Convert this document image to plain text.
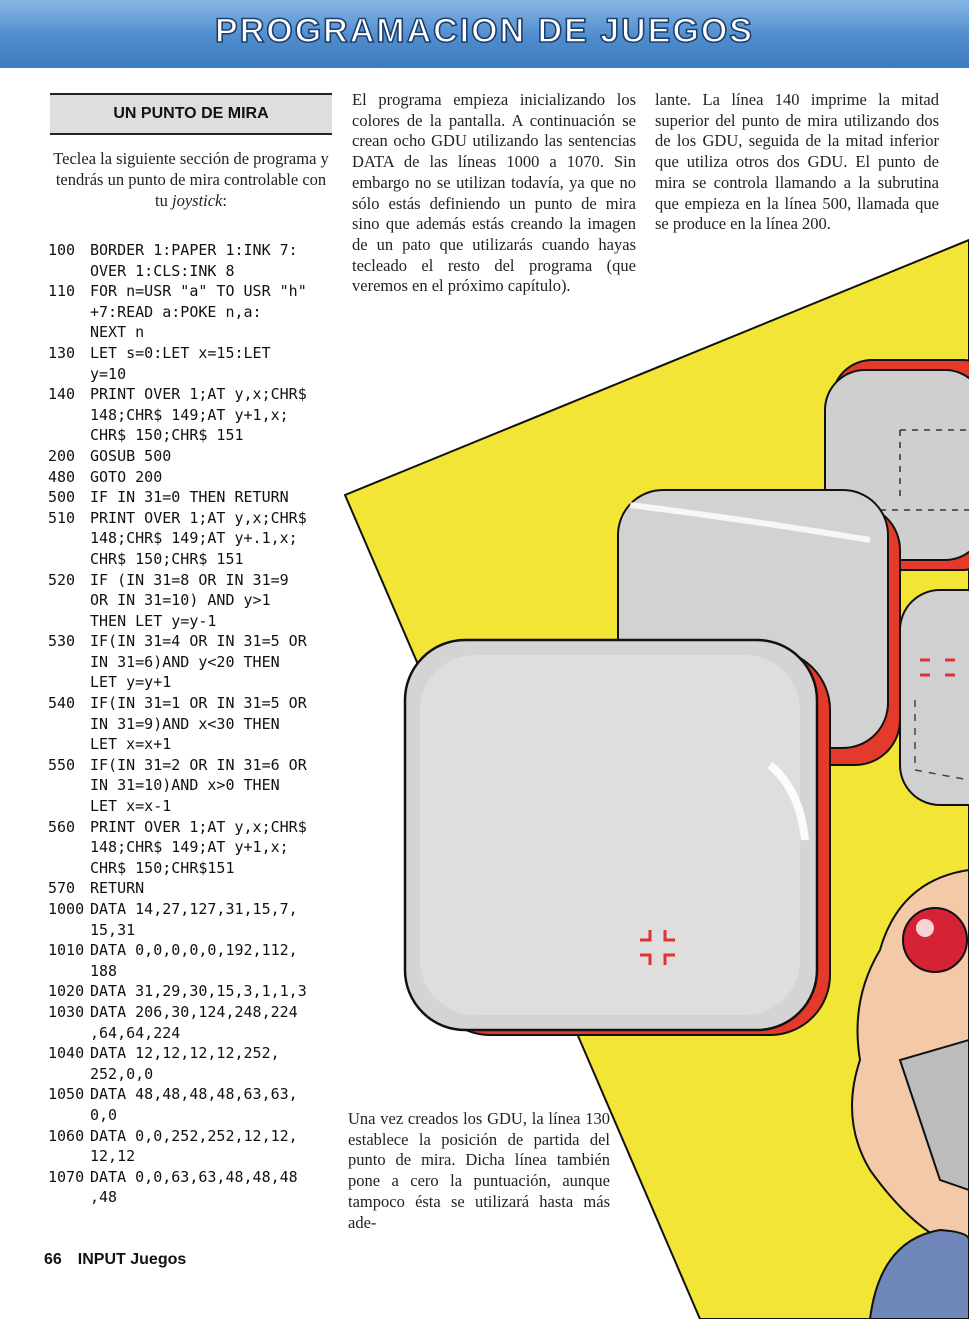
PROGRAMACION DE JUEGOS
UN PUNTO DE MIRA
Teclea la siguiente sección de programa y tendrás un punto de mira controlable con tu joystick:
100 BORDER 1:PAPER 1:INK 7:
OVER 1:CLS:INK 8
110 FOR n=USR "a" TO USR "h"
+7:READ a:POKE n,a:
NEXT n
130 LET s=0:LET x=15:LET
y=10
140 PRINT OVER 1;AT y,x;CHR$
148;CHR$ 149;AT y+1,x;
CHR$ 150;CHR$ 151
200 GOSUB 500
480 GOTO 200
500 IF IN 31=0 THEN RETURN
510 PRINT OVER 1;AT y,x;CHR$
148;CHR$ 149;AT y+.1,x;
CHR$ 150;CHR$ 151
520 IF (IN 31=8 OR IN 31=9
OR IN 31=10) AND y>1
THEN LET y=y-1
530 IF(IN 31=4 OR IN 31=5 OR
IN 31=6)AND y<20 THEN
LET y=y+1
540 IF(IN 31=1 OR IN 31=5 OR
IN 31=9)AND x<30 THEN
LET x=x+1
550 IF(IN 31=2 OR IN 31=6 OR
IN 31=10)AND x>0 THEN
LET x=x-1
560 PRINT OVER 1;AT y,x;CHR$
148;CHR$ 149;AT y+1,x;
CHR$ 150;CHR$151
570 RETURN
1000 DATA 14,27,127,31,15,7,
15,31
1010 DATA 0,0,0,0,0,192,112,
188
1020 DATA 31,29,30,15,3,1,1,3
1030 DATA 206,30,124,248,224
,64,64,224
1040 DATA 12,12,12,12,252,
252,0,0
1050 DATA 48,48,48,48,63,63,
0,0
1060 DATA 0,0,252,252,12,12,
12,12
1070 DATA 0,0,63,63,48,48,48
,48
El programa empieza inicializando los colores de la pantalla. A continuación se crean ocho GDU utilizando las sentencias DATA de las líneas 1000 a 1070. Sin embargo no se utilizan todavía, ya que no sólo estás definiendo un punto de mira sino que además estás creando la imagen de un pato que utilizarás cuando hayas tecleado el resto del programa (que veremos en el próximo capítulo).
lante. La línea 140 imprime la mitad superior del punto de mira utilizando dos de los GDU, seguida de la mitad inferior que utiliza otros dos GDU. El punto de mira se controla llamando a la subrutina que empieza en la línea 500, llamada que se produce en la línea 200.
Una vez creados los GDU, la línea 130 establece la posición de partida del punto de mira. Dicha línea también pone a cero la puntuación, aunque tampoco ésta se utilizará hasta más ade-
66 INPUT Juegos
